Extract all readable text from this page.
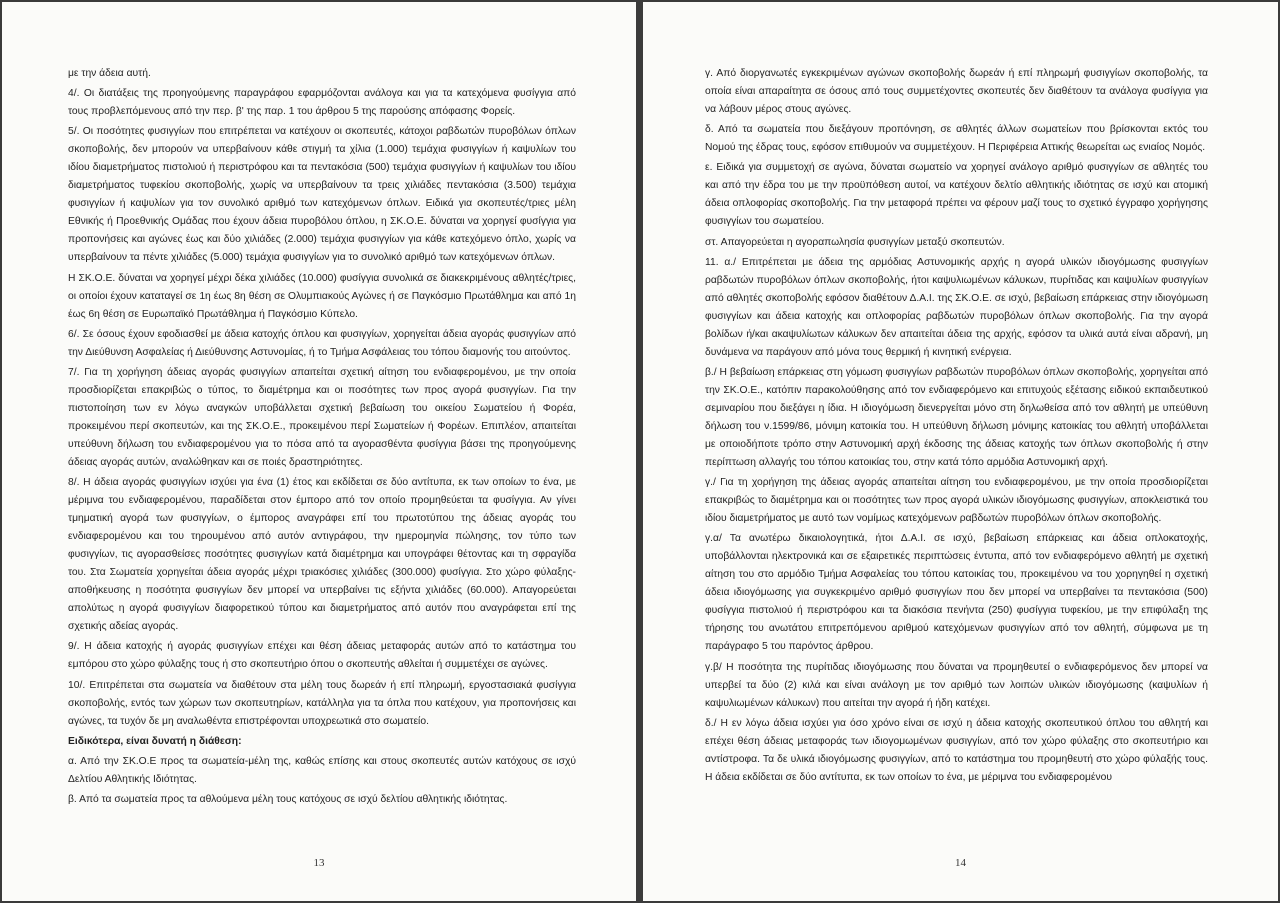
με την άδεια αυτή.

4/. Οι διατάξεις της προηγούμενης παραγράφου εφαρμόζονται ανάλογα και για τα κατεχόμενα φυσίγγια από τους προβλεπόμενους από την περ. β' της παρ. 1 του άρθρου 5 της παρούσης απόφασης Φορείς.

5/. Οι ποσότητες φυσιγγίων που επιτρέπεται να κατέχουν οι σκοπευτές, κάτοχοι ραβδωτών πυροβόλων όπλων σκοποβολής, δεν μπορούν να υπερβαίνουν κάθε στιγμή τα χίλια (1.000) τεμάχια φυσιγγίων ή καψυλίων του ιδίου διαμετρήματος πιστολιού ή περιστρόφου και τα πεντακόσια (500) τεμάχια φυσιγγίων ή καψυλίων του ιδίου διαμετρήματος τυφεκίου σκοποβολής, χωρίς να υπερβαίνουν τα τρεις χιλιάδες πεντακόσια (3.500) τεμάχια φυσιγγίων ή καψυλίων για τον συνολικό αριθμό των κατεχόμενων όπλων. Ειδικά για σκοπευτές/τριες μέλη Εθνικής ή Προεθνικής Ομάδας που έχουν άδεια πυροβόλου όπλου, η ΣΚ.Ο.Ε. δύναται να χορηγεί φυσίγγια για προπονήσεις και αγώνες έως και δύο χιλιάδες (2.000) τεμάχια φυσιγγίων για κάθε κατεχόμενο όπλο, χωρίς να υπερβαίνουν τα πέντε χιλιάδες (5.000) τεμάχια φυσιγγίων για το συνολικό αριθμό των κατεχόμενων όπλων.

Η ΣΚ.Ο.Ε. δύναται να χορηγεί μέχρι δέκα χιλιάδες (10.000) φυσίγγια συνολικά σε διακεκριμένους αθλητές/τριες, οι οποίοι έχουν καταταγεί σε 1η έως 8η θέση σε Ολυμπιακούς Αγώνες ή σε Παγκόσμιο Πρωτάθλημα και από 1η έως 6η θέση σε Ευρωπαϊκό Πρωτάθλημα ή Παγκόσμιο Κύπελο.

6/. Σε όσους έχουν εφοδιασθεί με άδεια κατοχής όπλου και φυσιγγίων, χορηγείται άδεια αγοράς φυσιγγίων από την Διεύθυνση Ασφαλείας ή Διεύθυνσης Αστυνομίας, ή το Τμήμα Ασφάλειας του τόπου διαμονής του αιτούντος.

7/. Για τη χορήγηση άδειας αγοράς φυσιγγίων απαιτείται σχετική αίτηση του ενδιαφερομένου, με την οποία προσδιορίζεται επακριβώς ο τύπος, το διαμέτρημα και οι ποσότητες των προς αγορά φυσιγγίων. Για την πιστοποίηση των εν λόγω αναγκών υποβάλλεται σχετική βεβαίωση του οικείου Σωματείου ή Φορέα, προκειμένου περί σκοπευτών, και της ΣΚ.Ο.Ε., προκειμένου περί Σωματείων ή Φορέων. Επιπλέον, απαιτείται υπεύθυνη δήλωση του ενδιαφερομένου για το πόσα από τα αγορασθέντα φυσίγγια βάσει της προηγούμενης άδειας αγοράς αυτών, αναλώθηκαν και σε ποιές δραστηριότητες.

8/. Η άδεια αγοράς φυσιγγίων ισχύει για ένα (1) έτος και εκδίδεται σε δύο αντίτυπα, εκ των οποίων το ένα, με μέριμνα του ενδιαφερομένου, παραδίδεται στον έμπορο από τον οποίο προμηθεύεται τα φυσίγγια. Αν γίνει τμηματική αγορά των φυσιγγίων, ο έμπορος αναγράφει επί του πρωτοτύπου της άδειας αγοράς του ενδιαφερομένου και του τηρουμένου από αυτόν αντιγράφου, την ημερομηνία πώλησης, τον τύπο των φυσιγγίων, τις αγορασθείσες ποσότητες φυσιγγίων κατά διαμέτρημα και υπογράφει θέτοντας και τη σφραγίδα του. Στα Σωματεία χορηγείται άδεια αγοράς μέχρι τριακόσιες χιλιάδες (300.000) φυσίγγια. Στο χώρο φύλαξης-αποθήκευσης η ποσότητα φυσιγγίων δεν μπορεί να υπερβαίνει τις εξήντα χιλιάδες (60.000). Απαγορεύεται απολύτως η αγορά φυσιγγίων διαφορετικού τύπου και διαμετρήματος από αυτόν που αναγράφεται επί της σχετικής αδείας αγοράς.

9/. Η άδεια κατοχής ή αγοράς φυσιγγίων επέχει και θέση άδειας μεταφοράς αυτών από το κατάστημα του εμπόρου στο χώρο φύλαξης τους ή στο σκοπευτήριο όπου ο σκοπευτής αθλείται ή συμμετέχει σε αγώνες.

10/. Επιτρέπεται στα σωματεία να διαθέτουν στα μέλη τους δωρεάν ή επί πληρωμή, εργοστασιακά φυσίγγια σκοποβολής, εντός των χώρων των σκοπευτηρίων, κατάλληλα για τα όπλα που κατέχουν, για προπονήσεις και αγώνες, τα τυχόν δε μη αναλωθέντα επιστρέφονται υποχρεωτικά στο σωματείο.

Ειδικότερα, είναι δυνατή η διάθεση:

α. Από την ΣΚ.Ο.Ε προς τα σωματεία-μέλη της, καθώς επίσης και στους σκοπευτές αυτών κατόχους σε ισχύ Δελτίου Αθλητικής Ιδιότητας.

β. Από τα σωματεία προς τα αθλούμενα μέλη τους κατόχους σε ισχύ δελτίου αθλητικής ιδιότητας.

13

γ. Από διοργανωτές εγκεκριμένων αγώνων σκοποβολής δωρεάν ή επί πληρωμή φυσιγγίων σκοποβολής, τα οποία είναι απαραίτητα σε όσους από τους συμμετέχοντες σκοπευτές δεν διαθέτουν τα ανάλογα φυσίγγια για να λάβουν μέρος στους αγώνες.

δ. Από τα σωματεία που διεξάγουν προπόνηση, σε αθλητές άλλων σωματείων που βρίσκονται εκτός του Νομού της έδρας τους, εφόσον επιθυμούν να συμμετέχουν. Η Περιφέρεια Αττικής θεωρείται ως ενιαίος Νομός.

ε. Ειδικά για συμμετοχή σε αγώνα, δύναται σωματείο να χορηγεί ανάλογο αριθμό φυσιγγίων σε αθλητές του και από την έδρα του με την προϋπόθεση αυτοί, να κατέχουν δελτίο αθλητικής ιδιότητας σε ισχύ και ατομική άδεια οπλοφορίας σκοποβολής. Για την μεταφορά πρέπει να φέρουν μαζί τους το σχετικό έγγραφο χορήγησης φυσιγγίων του σωματείου.

στ. Απαγορεύεται η αγοραπωλησία φυσιγγίων μεταξύ σκοπευτών.

11. α./ Επιτρέπεται με άδεια της αρμόδιας Αστυνομικής αρχής η αγορά υλικών ιδιογόμωσης φυσιγγίων ραβδωτών πυροβόλων όπλων σκοποβολής, ήτοι καψυλιωμένων κάλυκων, πυρίτιδας και καψυλίων φυσιγγίων από αθλητές σκοποβολής εφόσον διαθέτουν Δ.Α.Ι. της ΣΚ.Ο.Ε. σε ισχύ, βεβαίωση επάρκειας στην ιδιογόμωση φυσιγγίων και άδεια κατοχής και οπλοφορίας ραβδωτών πυροβόλων όπλων σκοποβολής. Για την αγορά βολίδων ή/και ακαψυλίωτων κάλυκων δεν απαιτείται άδεια της αρχής, εφόσον τα υλικά αυτά είναι αδρανή, μη δυνάμενα να παράγουν από μόνα τους θερμική ή κινητική ενέργεια.

β./ Η βεβαίωση επάρκειας στη γόμωση φυσιγγίων ραβδωτών πυροβόλων όπλων σκοποβολής, χορηγείται από την ΣΚ.Ο.Ε., κατόπιν παρακολούθησης από τον ενδιαφερόμενο και επιτυχούς εξέτασης ειδικού εκπαιδευτικού σεμιναρίου που διεξάγει η ίδια. Η ιδιογόμωση διενεργείται μόνο στη δηλωθείσα από τον αθλητή με υπεύθυνη δήλωση του ν.1599/86, μόνιμη κατοικία του. Η υπεύθυνη δήλωση μόνιμης κατοικίας του αθλητή υποβάλλεται με οποιοδήποτε τρόπο στην Αστυνομική αρχή έκδοσης της άδειας κατοχής των όπλων σκοποβολής ή στην περίπτωση αλλαγής του τόπου κατοικίας του, στην κατά τόπο αρμόδια Αστυνομική αρχή.

γ./ Για τη χορήγηση της άδειας αγοράς απαιτείται αίτηση του ενδιαφερομένου, με την οποία προσδιορίζεται επακριβώς το διαμέτρημα και οι ποσότητες των προς αγορά υλικών ιδιογόμωσης φυσιγγίων, αποκλειστικά του ιδίου διαμετρήματος με αυτό των νομίμως κατεχόμενων ραβδωτών πυροβόλων όπλων σκοποβολής.

γ.α/ Τα ανωτέρω δικαιολογητικά, ήτοι Δ.Α.Ι. σε ισχύ, βεβαίωση επάρκειας και άδεια οπλοκατοχής, υποβάλλονται ηλεκτρονικά και σε εξαιρετικές περιπτώσεις έντυπα, από τον ενδιαφερόμενο αθλητή με σχετική αίτηση του στο αρμόδιο Τμήμα Ασφαλείας του τόπου κατοικίας του, προκειμένου να του χορηγηθεί η σχετική άδεια ιδιογόμωσης για συγκεκριμένο αριθμό φυσιγγίων που δεν μπορεί να υπερβαίνει τα πεντακόσια (500) φυσίγγια πιστολιού ή περιστρόφου και τα διακόσια πενήντα (250) φυσίγγια τυφεκίου, με την επιφύλαξη της τήρησης του ανωτάτου επιτρεπόμενου αριθμού κατεχόμενων φυσιγγίων από τον αθλητή, σύμφωνα με τη παράγραφο 5 του παρόντος άρθρου.

γ.β/ Η ποσότητα της πυρίτιδας ιδιογόμωσης που δύναται να προμηθευτεί ο ενδιαφερόμενος δεν μπορεί να υπερβεί τα δύο (2) κιλά και είναι ανάλογη με τον αριθμό των λοιπών υλικών ιδιογόμωσης (καψυλίων ή καψυλιωμένων κάλυκων) που αιτείται την αγορά ή ήδη κατέχει.

δ./ Η εν λόγω άδεια ισχύει για όσο χρόνο είναι σε ισχύ η άδεια κατοχής σκοπευτικού όπλου του αθλητή και επέχει θέση άδειας μεταφοράς των ιδιογομωμένων φυσιγγίων, από τον χώρο φύλαξης στο σκοπευτήριο και αντίστροφα. Τα δε υλικά ιδιογόμωσης φυσιγγίων, από το κατάστημα του προμηθευτή στο χώρο φύλαξής τους. Η άδεια εκδίδεται σε δύο αντίτυπα, εκ των οποίων το ένα, με μέριμνα του ενδιαφερομένου

14
